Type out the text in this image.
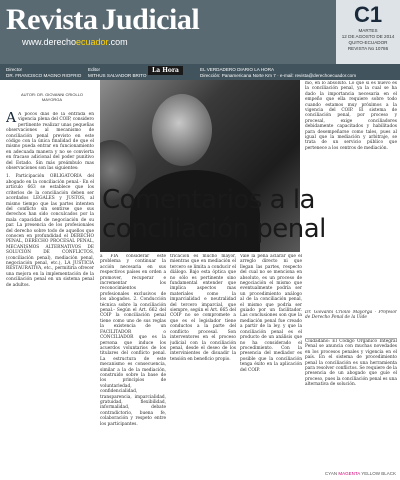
Revista Judicial
www.derechoecuador.com
C1
MARTES
12 DE AGOSTO DE 2014
QUITO-ECUADOR
REVISTA No 10786
Director
DR. FRANCISCO MAGNO RIOFRIO
Editor
MITHUS SALVADOR BRITO
EL VERDADERO DIARIO LA HORA
Dirección: Panamericana Norte Km 7 · e-mail: revista@derechoecuador.com
La Hora
AUTOR: DR. GIOVANNI CRIOLLO
MAYORGA
A A pocos días de la entrada en vigencia plena del COIP, considero pertinente realizar unas pequeñas observaciones al mecanismo de conciliación penal previsto en este código con la única finalidad de que el mismo pueda entrar en funcionamiento en adecuada manera y no se convierta en fracaso adicional del poder punitivo del Estado. Sin más preámbulo mas observaciones son las siguientes:

1. Participación OBLIGATORIA del abogado en la conciliación penal.- En el artículo 663 se establece que los criterios de la conciliación deben ser acordados LEGALES y JUSTOS, al mismo tiempo que las partes intenten del conflicto sin sentirse que sus derechos han sido conculcados por la mala capacidad de negociación de su par. La presencia de los profesionales del derecho sobre todo de aquellos que conocen en profundidad el DERECHO PENAL, DERECHO PROCESAL PENAL, MECANISMOS ALTERNATIVOS DE SOLUCIÓN DE CONFLICTOS, (conciliación penal), mediación penal, negociación penal, etc.), LA JUSTICIA RESTAURATIVA, etc., permitiría ofrecer una mejora en la implementación de la conciliación penal en un sistema penal de adultos.

Comentarios a la conciliación penal
a FIA considerar este problema y continuar la acción necesaria en sus respectivos países en orden a promover, recuperar e incrementar los reconocimientos profesionales exclusivos de los abogados. 2. Conducción técnica sobre la conciliación penal.- Según el Art. 662 del COIP la conciliación penal tiene como uno de sus reglas la existencia de un FACILITADOR o CONCILIADOR que es la persona que induce los acuerdos voluntarios de los titulares del conflicto penal. La estructura de este mecanismo es consecuencia, similar a la de la mediación, construido sobre la base de los principios de voluntariedad, confidencialidad, transparencia, imparcialidad, gratuidad, flexibilidad, informalidad, debate contradictorio, buena fe, colaboración y respeto entre los participantes.
tricación es mucho mayor, mientras que en mediación el tercero se limita a conducir el diálogo. Bajo esta óptica que no sólo es pertinente sino fundamental entender que implica aspectos mas materiales como la imparcialidad e neutralidad del tercero imparcial, que siempre, según el Art. 665 del COIP no se compromete a que es el legislador tiene conductos a la parte del conflicto procesal. Son interventores en el proceso judicial con la conciliación penal, desde el deseo de los intervinientes de disuadir la tensión en beneficio propio.
Vale la pena aclarar que el arreglo directo ni que llegan las partes, respecto del cual no se menciona en absoluto, es un proceso de negociación el mismo que eventualmente podría ser un procedimiento análogo al de la conciliación penal, el mismo que podría ser guiado por un facilitador. Las conclusiones son que la mediación penal fue creado a partir de la ley, y que la conciliación penal es el producto de un análisis que no ha considerado el procedimiento. Con la presencia del mediador es posible que la conciliación tenga éxito en la aplicación del COIP.
mo, en lo absoluto. Lo que si es nuevo es la conciliación penal, ya la cual se ha dado la importancia necesaria en el empeño que ella requiere sobre todo cuando estamos muy próximos a la vigencia del COIP. El sistema de conciliación penal, por proceso y procesal, exige conciliadores debidamente capacitados y habilitados para desempeñarse como tales, pues al igual que la mediación y arbitraje, se trata de un servicio público que pertenece a los centros de mediación.
Dr. Giovanni Criollo Mayorga · Profesor de Derecho Penal de la Uide
Ciudadano: El Código Orgánico Integral Penal se anuncia con muchas novedades en los procesos penales y vigencia en el país. En el sistema de procedimiento penal la conciliación es una herramienta para resolver conflictos. Se requiere de la presencia de un abogado que guíe el proceso, pues la conciliación penal es una alternativa de solución.
CYAN MAGENTA YELLOW BLACK
